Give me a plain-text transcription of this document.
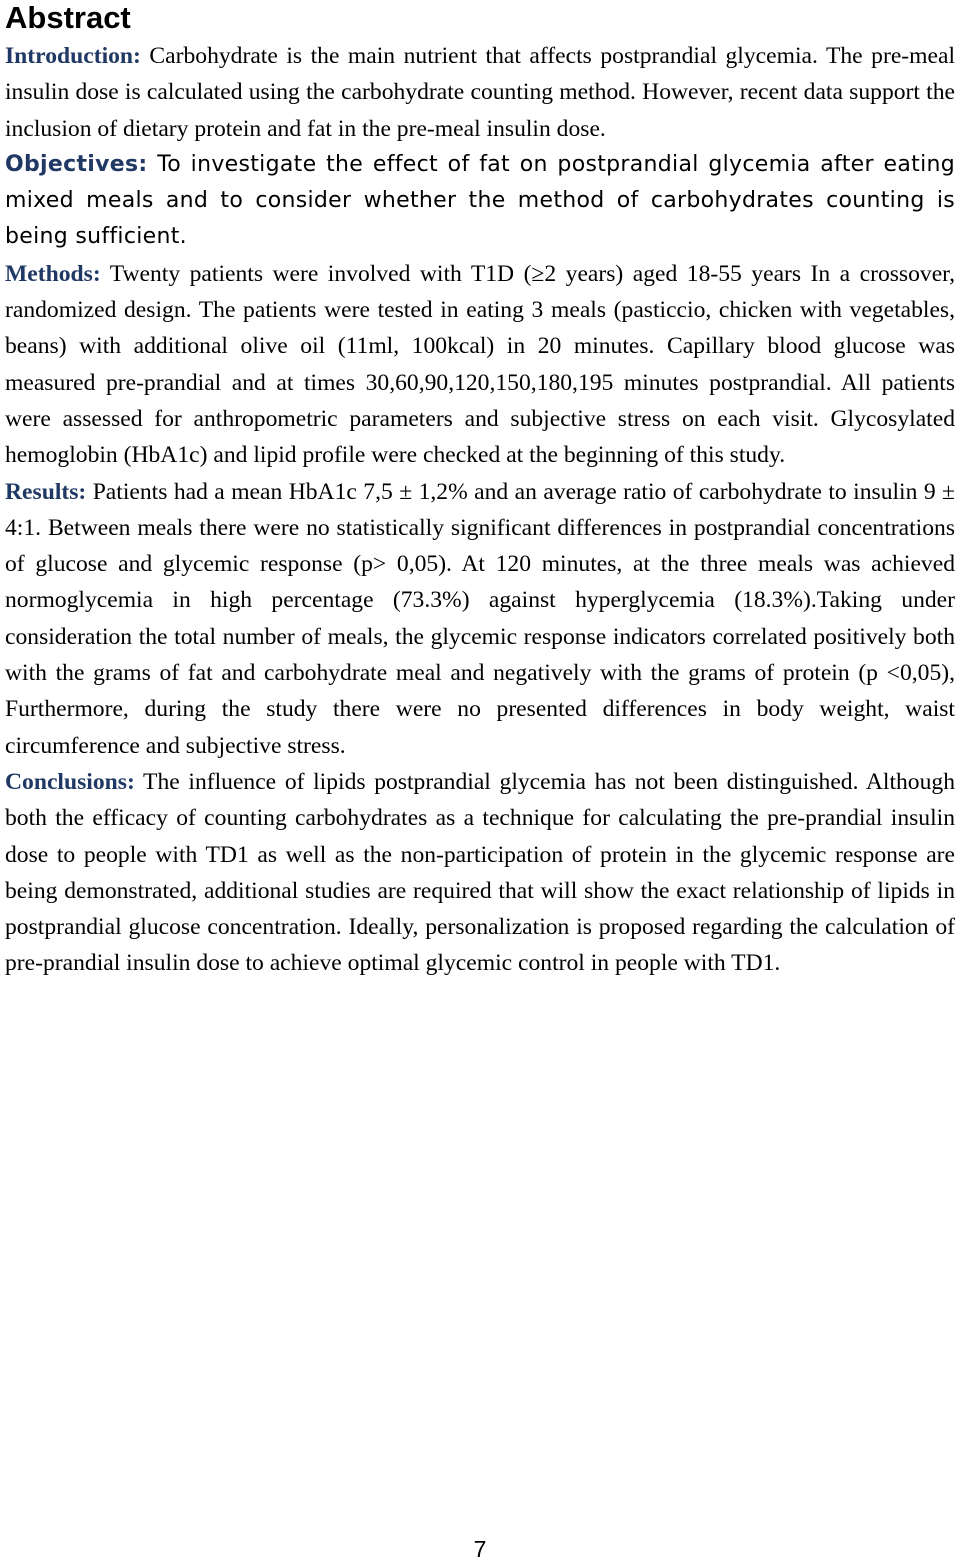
Abstract

Introduction: Carbohydrate is the main nutrient that affects postprandial glycemia. The pre-meal insulin dose is calculated using the carbohydrate counting method. However, recent data support the inclusion of dietary protein and fat in the pre-meal insulin dose.

Objectives: To investigate the effect of fat on postprandial glycemia after eating mixed meals and to consider whether the method of carbohydrates counting is being sufficient.

Methods: Twenty patients were involved with T1D (≥2 years) aged 18-55 years In a crossover, randomized design. The patients were tested in eating 3 meals (pasticcio, chicken with vegetables, beans) with additional olive oil (11ml, 100kcal) in 20 minutes. Capillary blood glucose was measured pre-prandial and at times 30,60,90,120,150,180,195 minutes postprandial. All patients were assessed for anthropometric parameters and subjective stress on each visit. Glycosylated hemoglobin (HbA1c) and lipid profile were checked at the beginning of this study.

Results: Patients had a mean HbA1c 7,5 ± 1,2% and an average ratio of carbohydrate to insulin 9 ± 4:1. Between meals there were no statistically significant differences in postprandial concentrations of glucose and glycemic response (p> 0,05). At 120 minutes, at the three meals was achieved normoglycemia in high percentage (73.3%) against hyperglycemia (18.3%).Taking under consideration the total number of meals, the glycemic response indicators correlated positively both with the grams of fat and carbohydrate meal and negatively with the grams of protein (p <0,05), Furthermore, during the study there were no presented differences in body weight, waist circumference and subjective stress.

Conclusions: The influence of lipids postprandial glycemia has not been distinguished. Although both the efficacy of counting carbohydrates as a technique for calculating the pre-prandial insulin dose to people with TD1 as well as the non-participation of protein in the glycemic response are being demonstrated, additional studies are required that will show the exact relationship of lipids in postprandial glucose concentration. Ideally, personalization is proposed regarding the calculation of pre-prandial insulin dose to achieve optimal glycemic control in people with TD1.

7
